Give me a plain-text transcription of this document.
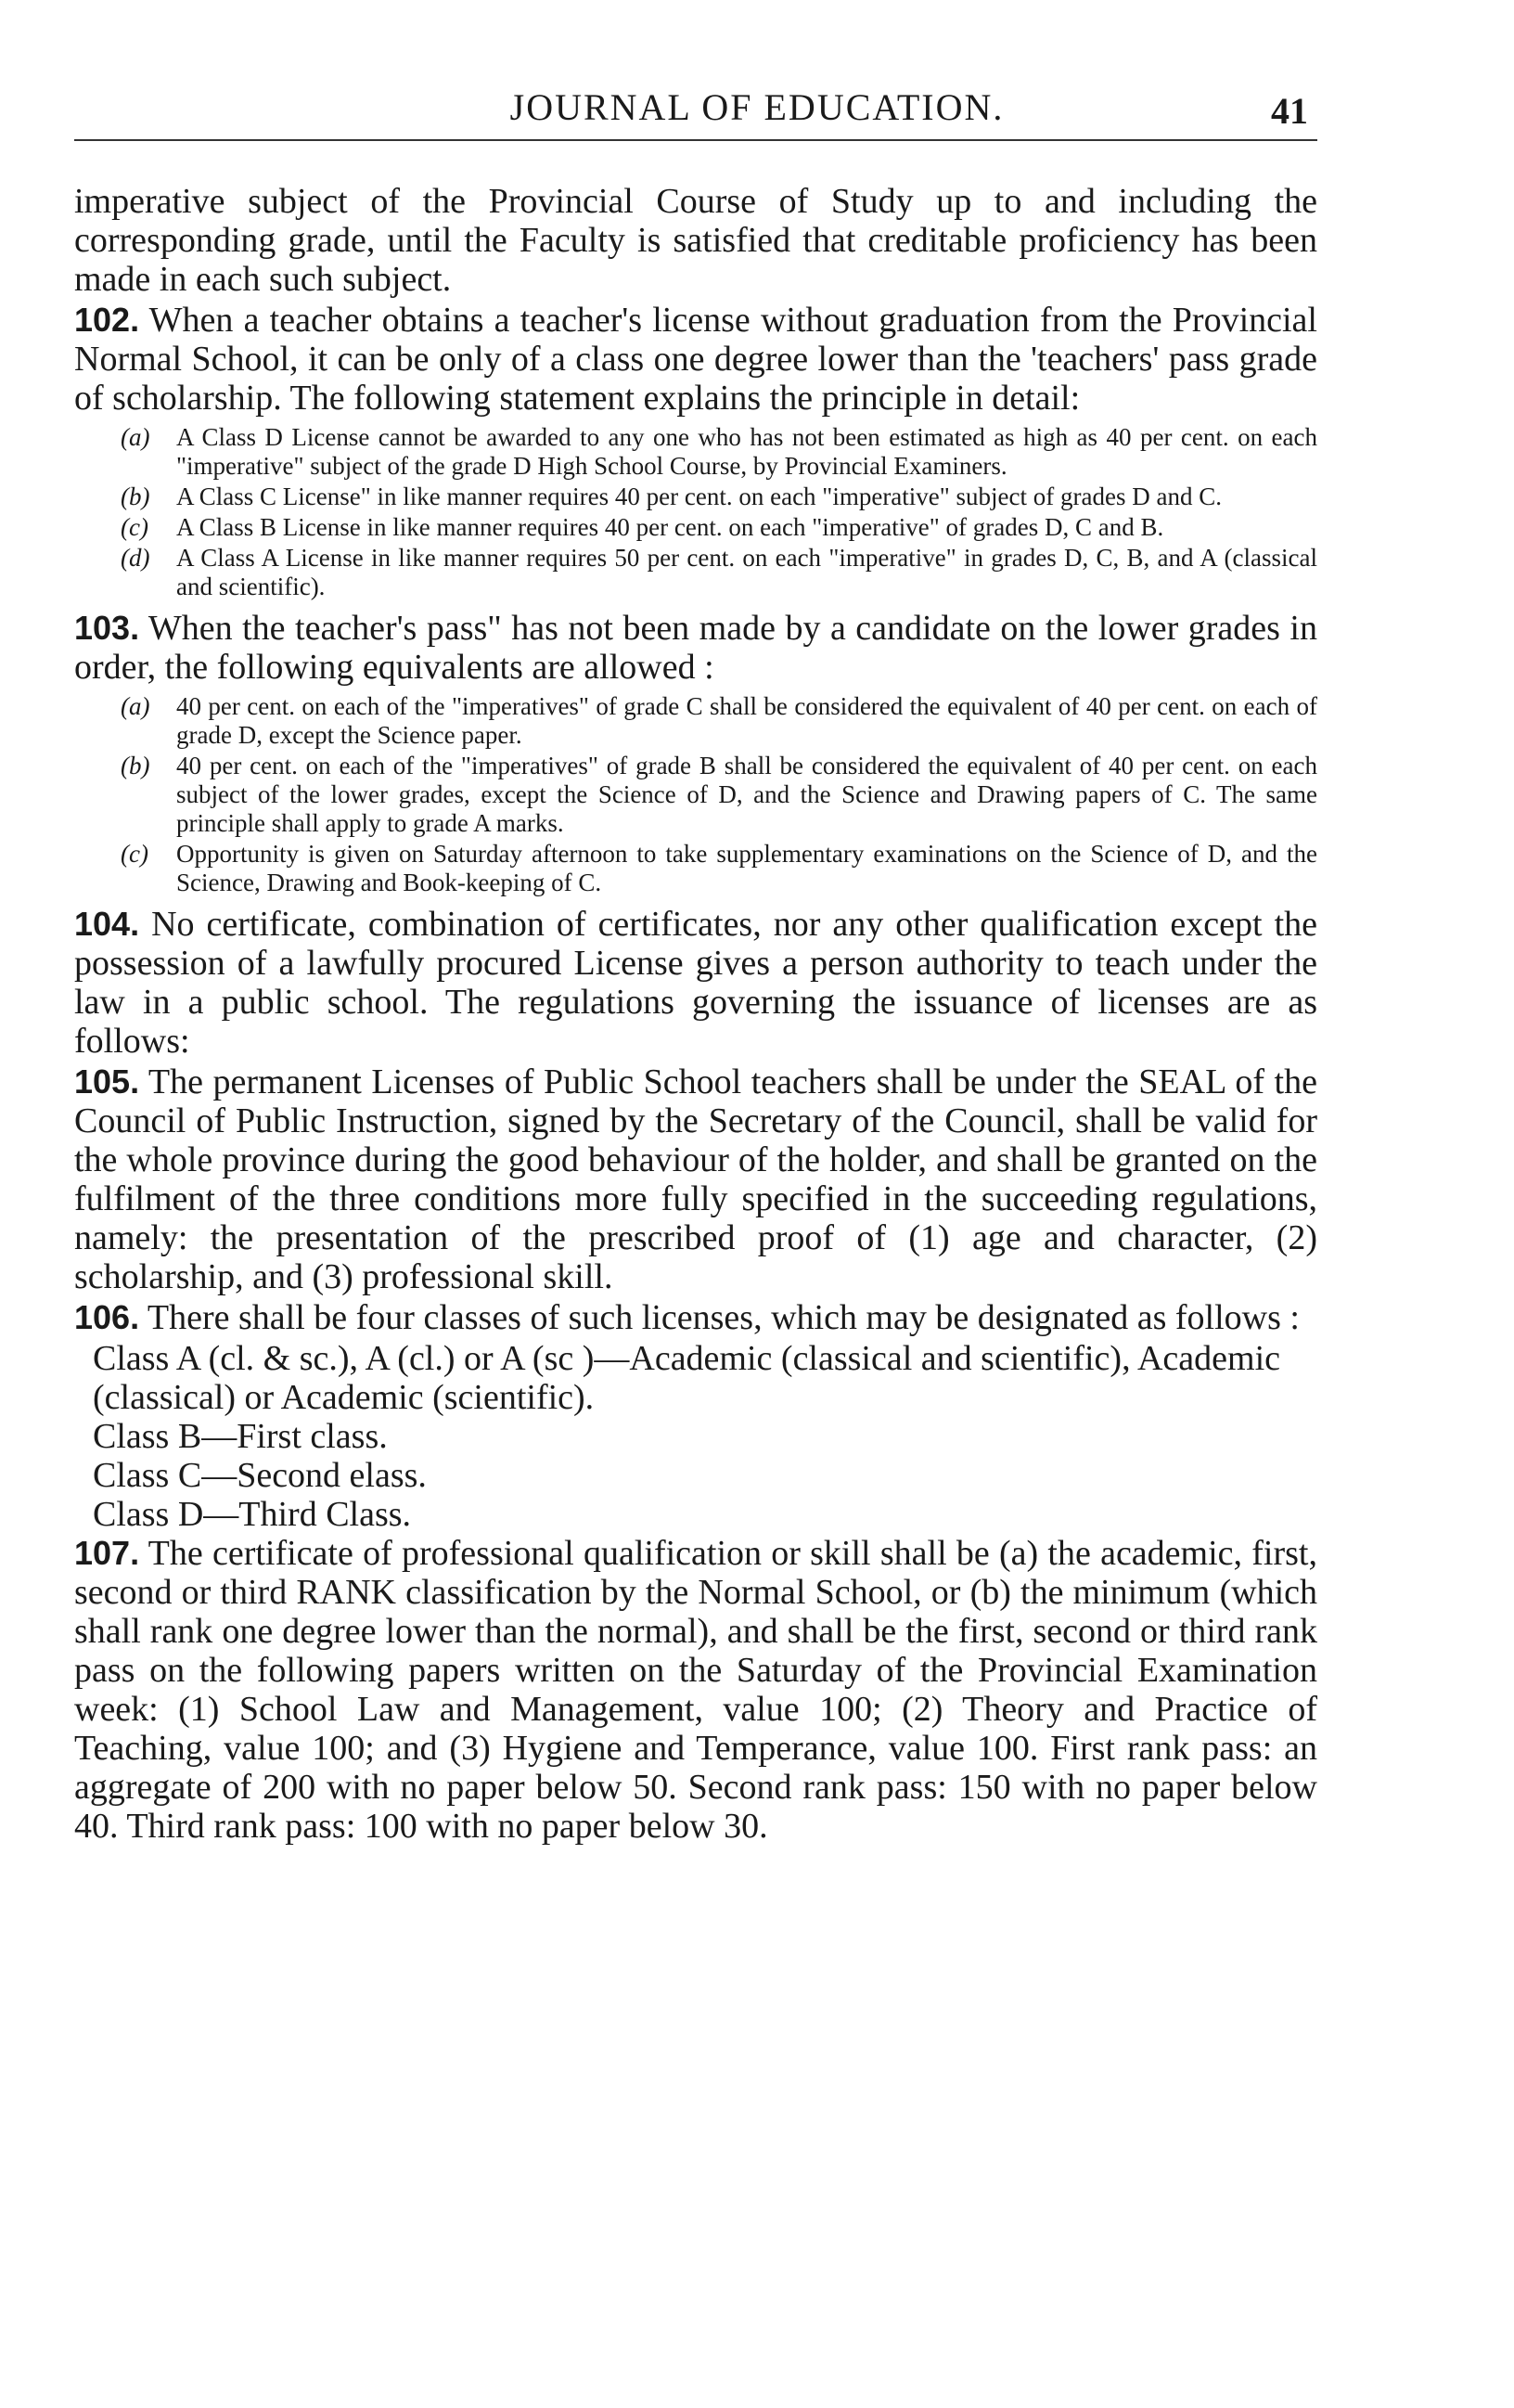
JOURNAL OF EDUCATION.	41

imperative subject of the Provincial Course of Study up to and including the corresponding grade, until the Faculty is satisfied that creditable proficiency has been made in each such subject.

102. When a teacher obtains a teacher's license without graduation from the Provincial Normal School, it can be only of a class one degree lower than the 'teachers' pass grade of scholarship. The following statement explains the principle in detail:

(a) A Class D License cannot be awarded to any one who has not been estimated as high as 40 per cent. on each "imperative" subject of the grade D High School Course, by Provincial Examiners.
(b) A Class C License" in like manner requires 40 per cent. on each "imperative" subject of grades D and C.
(c) A Class B License in like manner requires 40 per cent. on each "imperative" of grades D, C and B.
(d) A Class A License in like manner requires 50 per cent. on each "imperative" in grades D, C, B, and A (classical and scientific).

103. When the teacher's pass" has not been made by a candidate on the lower grades in order, the following equivalents are allowed :

(a) 40 per cent. on each of the "imperatives" of grade C shall be considered the equivalent of 40 per cent. on each of grade D, except the Science paper.
(b) 40 per cent. on each of the "imperatives" of grade B shall be considered the equivalent of 40 per cent. on each subject of the lower grades, except the Science of D, and the Science and Drawing papers of C. The same principle shall apply to grade A marks.
(c) Opportunity is given on Saturday afternoon to take supplementary examinations on the Science of D, and the Science, Drawing and Book-keeping of C.

104. No certificate, combination of certificates, nor any other qualification except the possession of a lawfully procured License gives a person authority to teach under the law in a public school. The regulations governing the issuance of licenses are as follows:

105. The permanent Licenses of Public School teachers shall be under the SEAL of the Council of Public Instruction, signed by the Secretary of the Council, shall be valid for the whole province during the good behaviour of the holder, and shall be granted on the fulfilment of the three conditions more fully specified in the succeeding regulations, namely: the presentation of the prescribed proof of (1) age and character, (2) scholarship, and (3) professional skill.

106. There shall be four classes of such licenses, which may be designated as follows :

Class A (cl. & sc.), A (cl.) or A (sc )—Academic (classical and scientific), Academic (classical) or Academic (scientific).
Class B—First class.
Class C—Second elass.
Class D—Third Class.

107. The certificate of professional qualification or skill shall be (a) the academic, first, second or third RANK classification by the Normal School, or (b) the minimum (which shall rank one degree lower than the normal), and shall be the first, second or third rank pass on the following papers written on the Saturday of the Provincial Examination week: (1) School Law and Management, value 100; (2) Theory and Practice of Teaching, value 100; and (3) Hygiene and Temperance, value 100. First rank pass: an aggregate of 200 with no paper below 50. Second rank pass: 150 with no paper below 40. Third rank pass: 100 with no paper below 30.
